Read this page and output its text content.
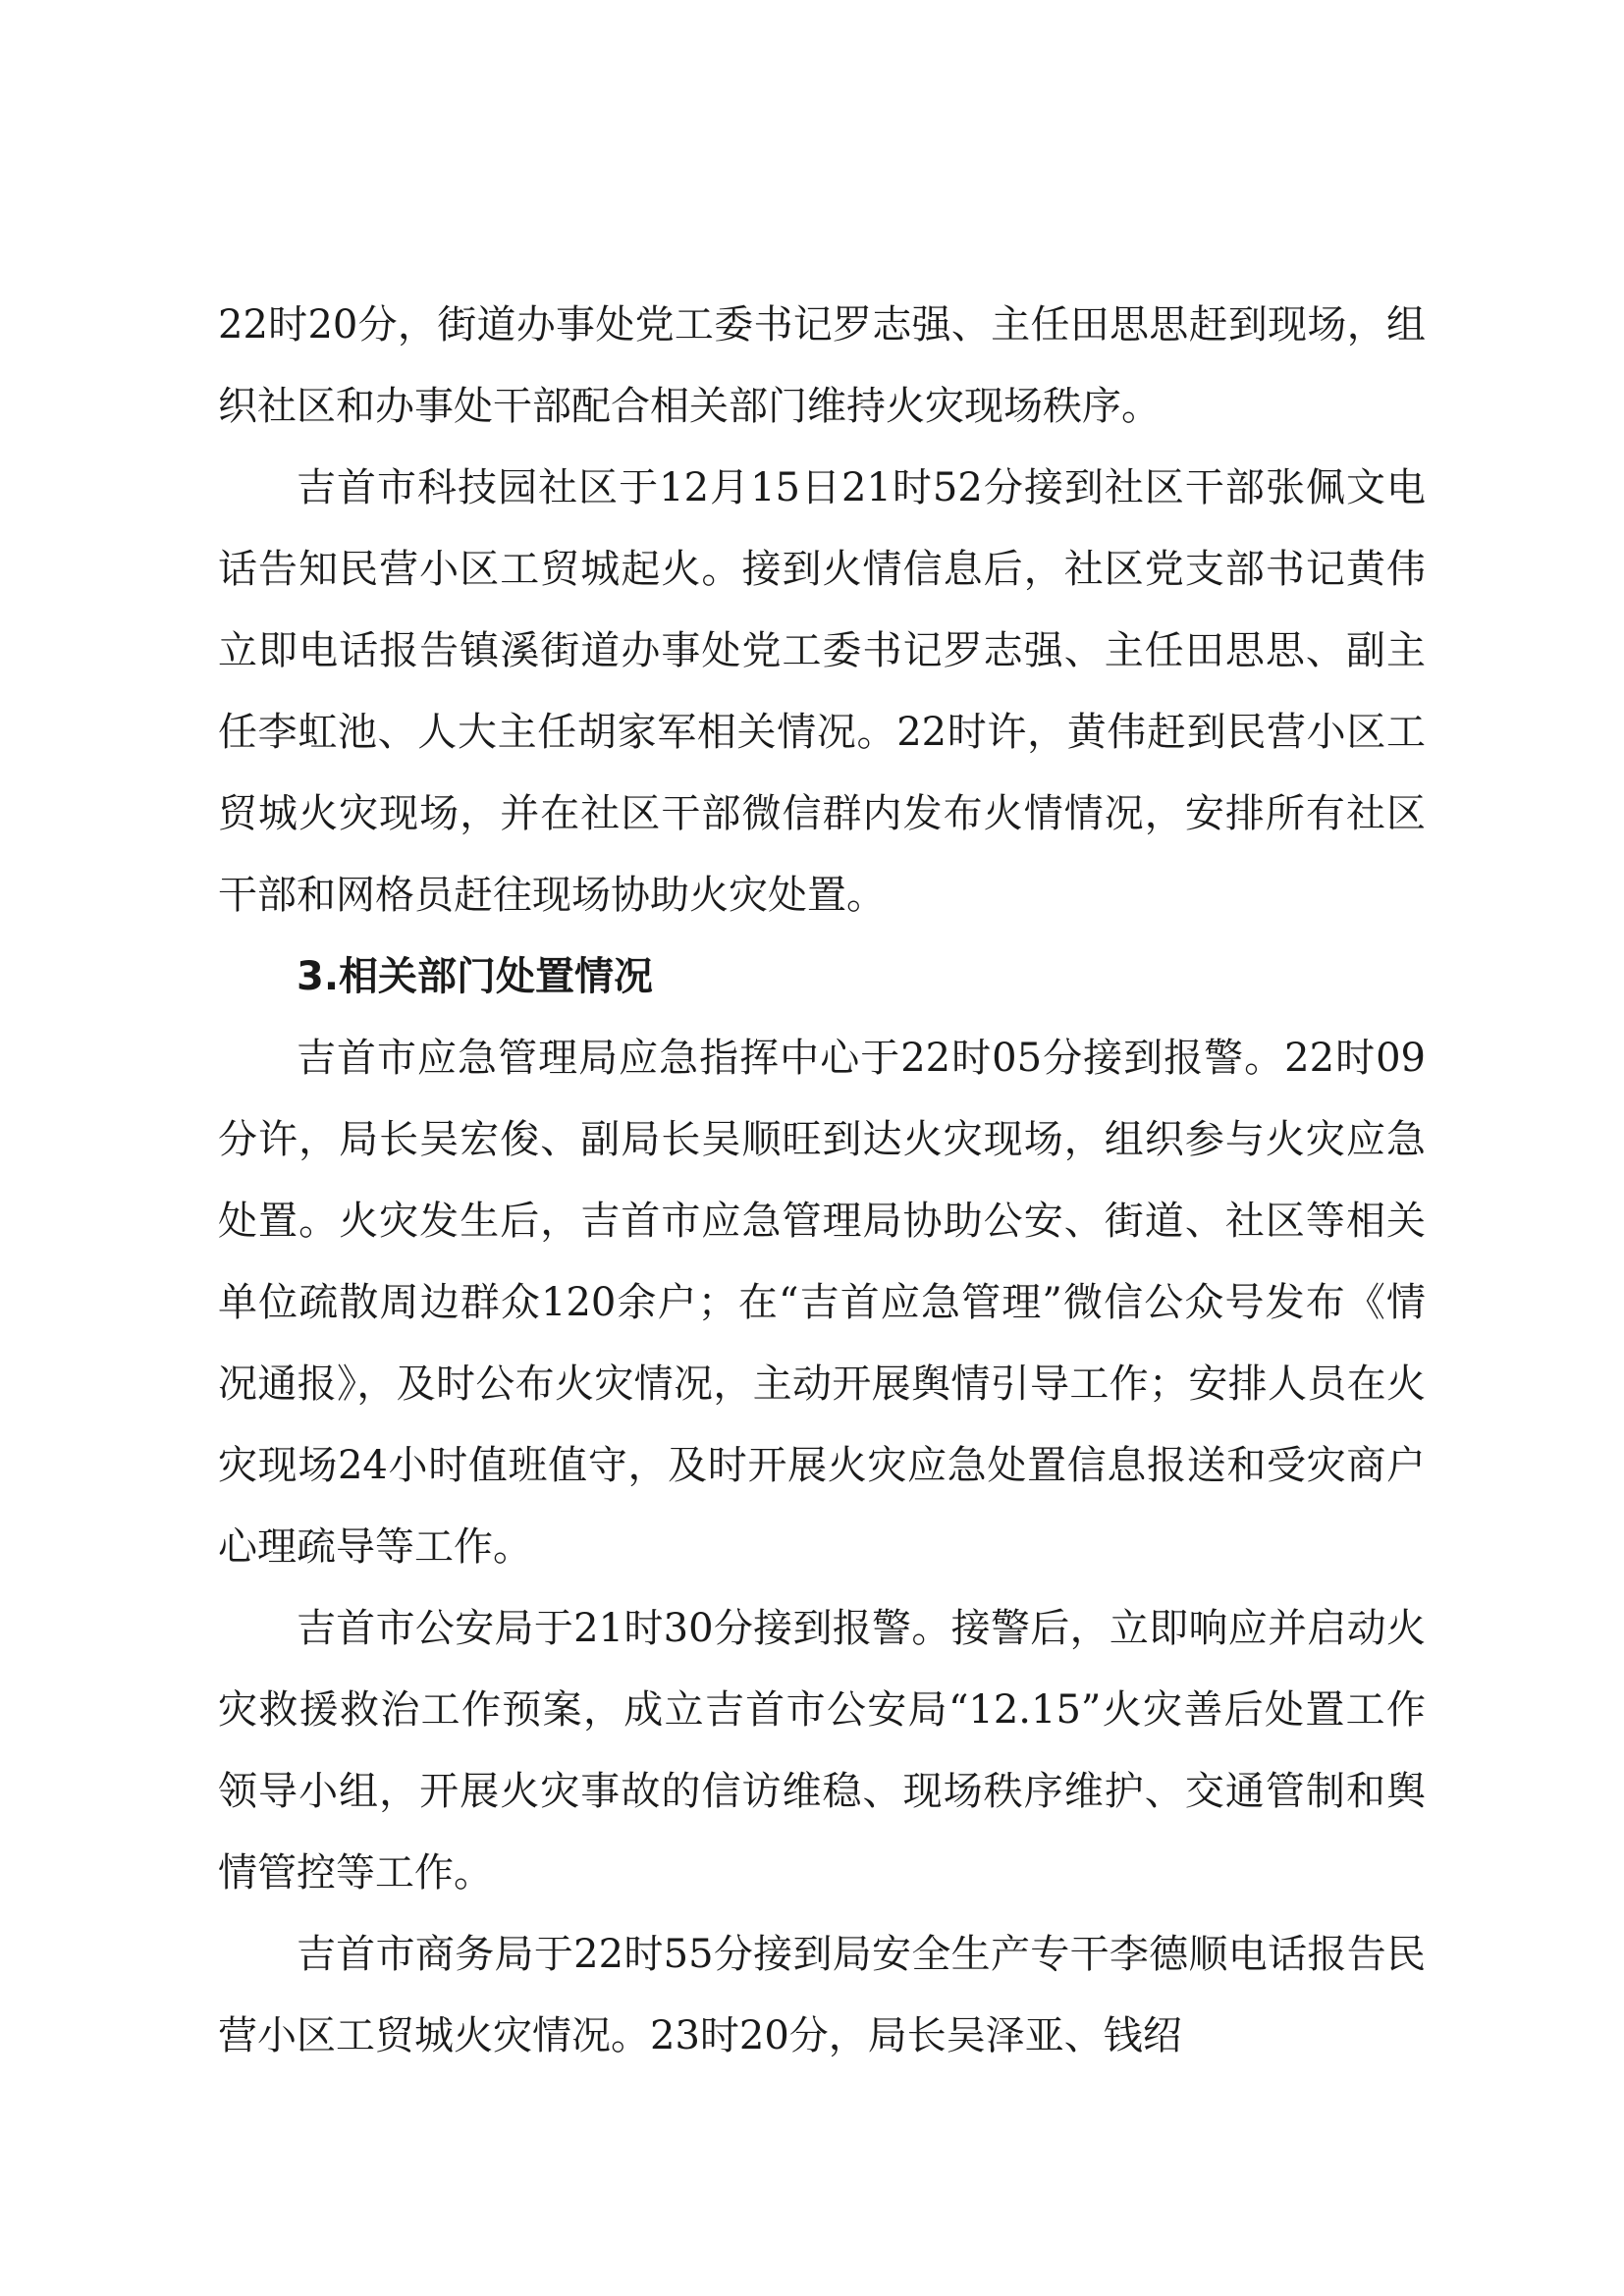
22时20分，街道办事处党工委书记罗志强、主任田思思赶到现场，组织社区和办事处干部配合相关部门维持火灾现场秩序。

吉首市科技园社区于12月15日21时52分接到社区干部张佩文电话告知民营小区工贸城起火。接到火情信息后，社区党支部书记黄伟立即电话报告镇溪街道办事处党工委书记罗志强、主任田思思、副主任李虹池、人大主任胡家军相关情况。22时许，黄伟赶到民营小区工贸城火灾现场，并在社区干部微信群内发布火情情况，安排所有社区干部和网格员赶往现场协助火灾处置。

3.相关部门处置情况

吉首市应急管理局应急指挥中心于22时05分接到报警。22时09分许，局长吴宏俊、副局长吴顺旺到达火灾现场，组织参与火灾应急处置。火灾发生后，吉首市应急管理局协助公安、街道、社区等相关单位疏散周边群众120余户；在“吉首应急管理”微信公众号发布《情况通报》，及时公布火灾情况，主动开展舆情引导工作；安排人员在火灾现场24小时值班值守，及时开展火灾应急处置信息报送和受灾商户心理疏导等工作。

吉首市公安局于21时30分接到报警。接警后，立即响应并启动火灾救援救治工作预案，成立吉首市公安局“12.15”火灾善后处置工作领导小组，开展火灾事故的信访维稳、现场秩序维护、交通管制和舆情管控等工作。

吉首市商务局于22时55分接到局安全生产专干李德顺电话报告民营小区工贸城火灾情况。23时20分，局长吴泽亚、钱绍
